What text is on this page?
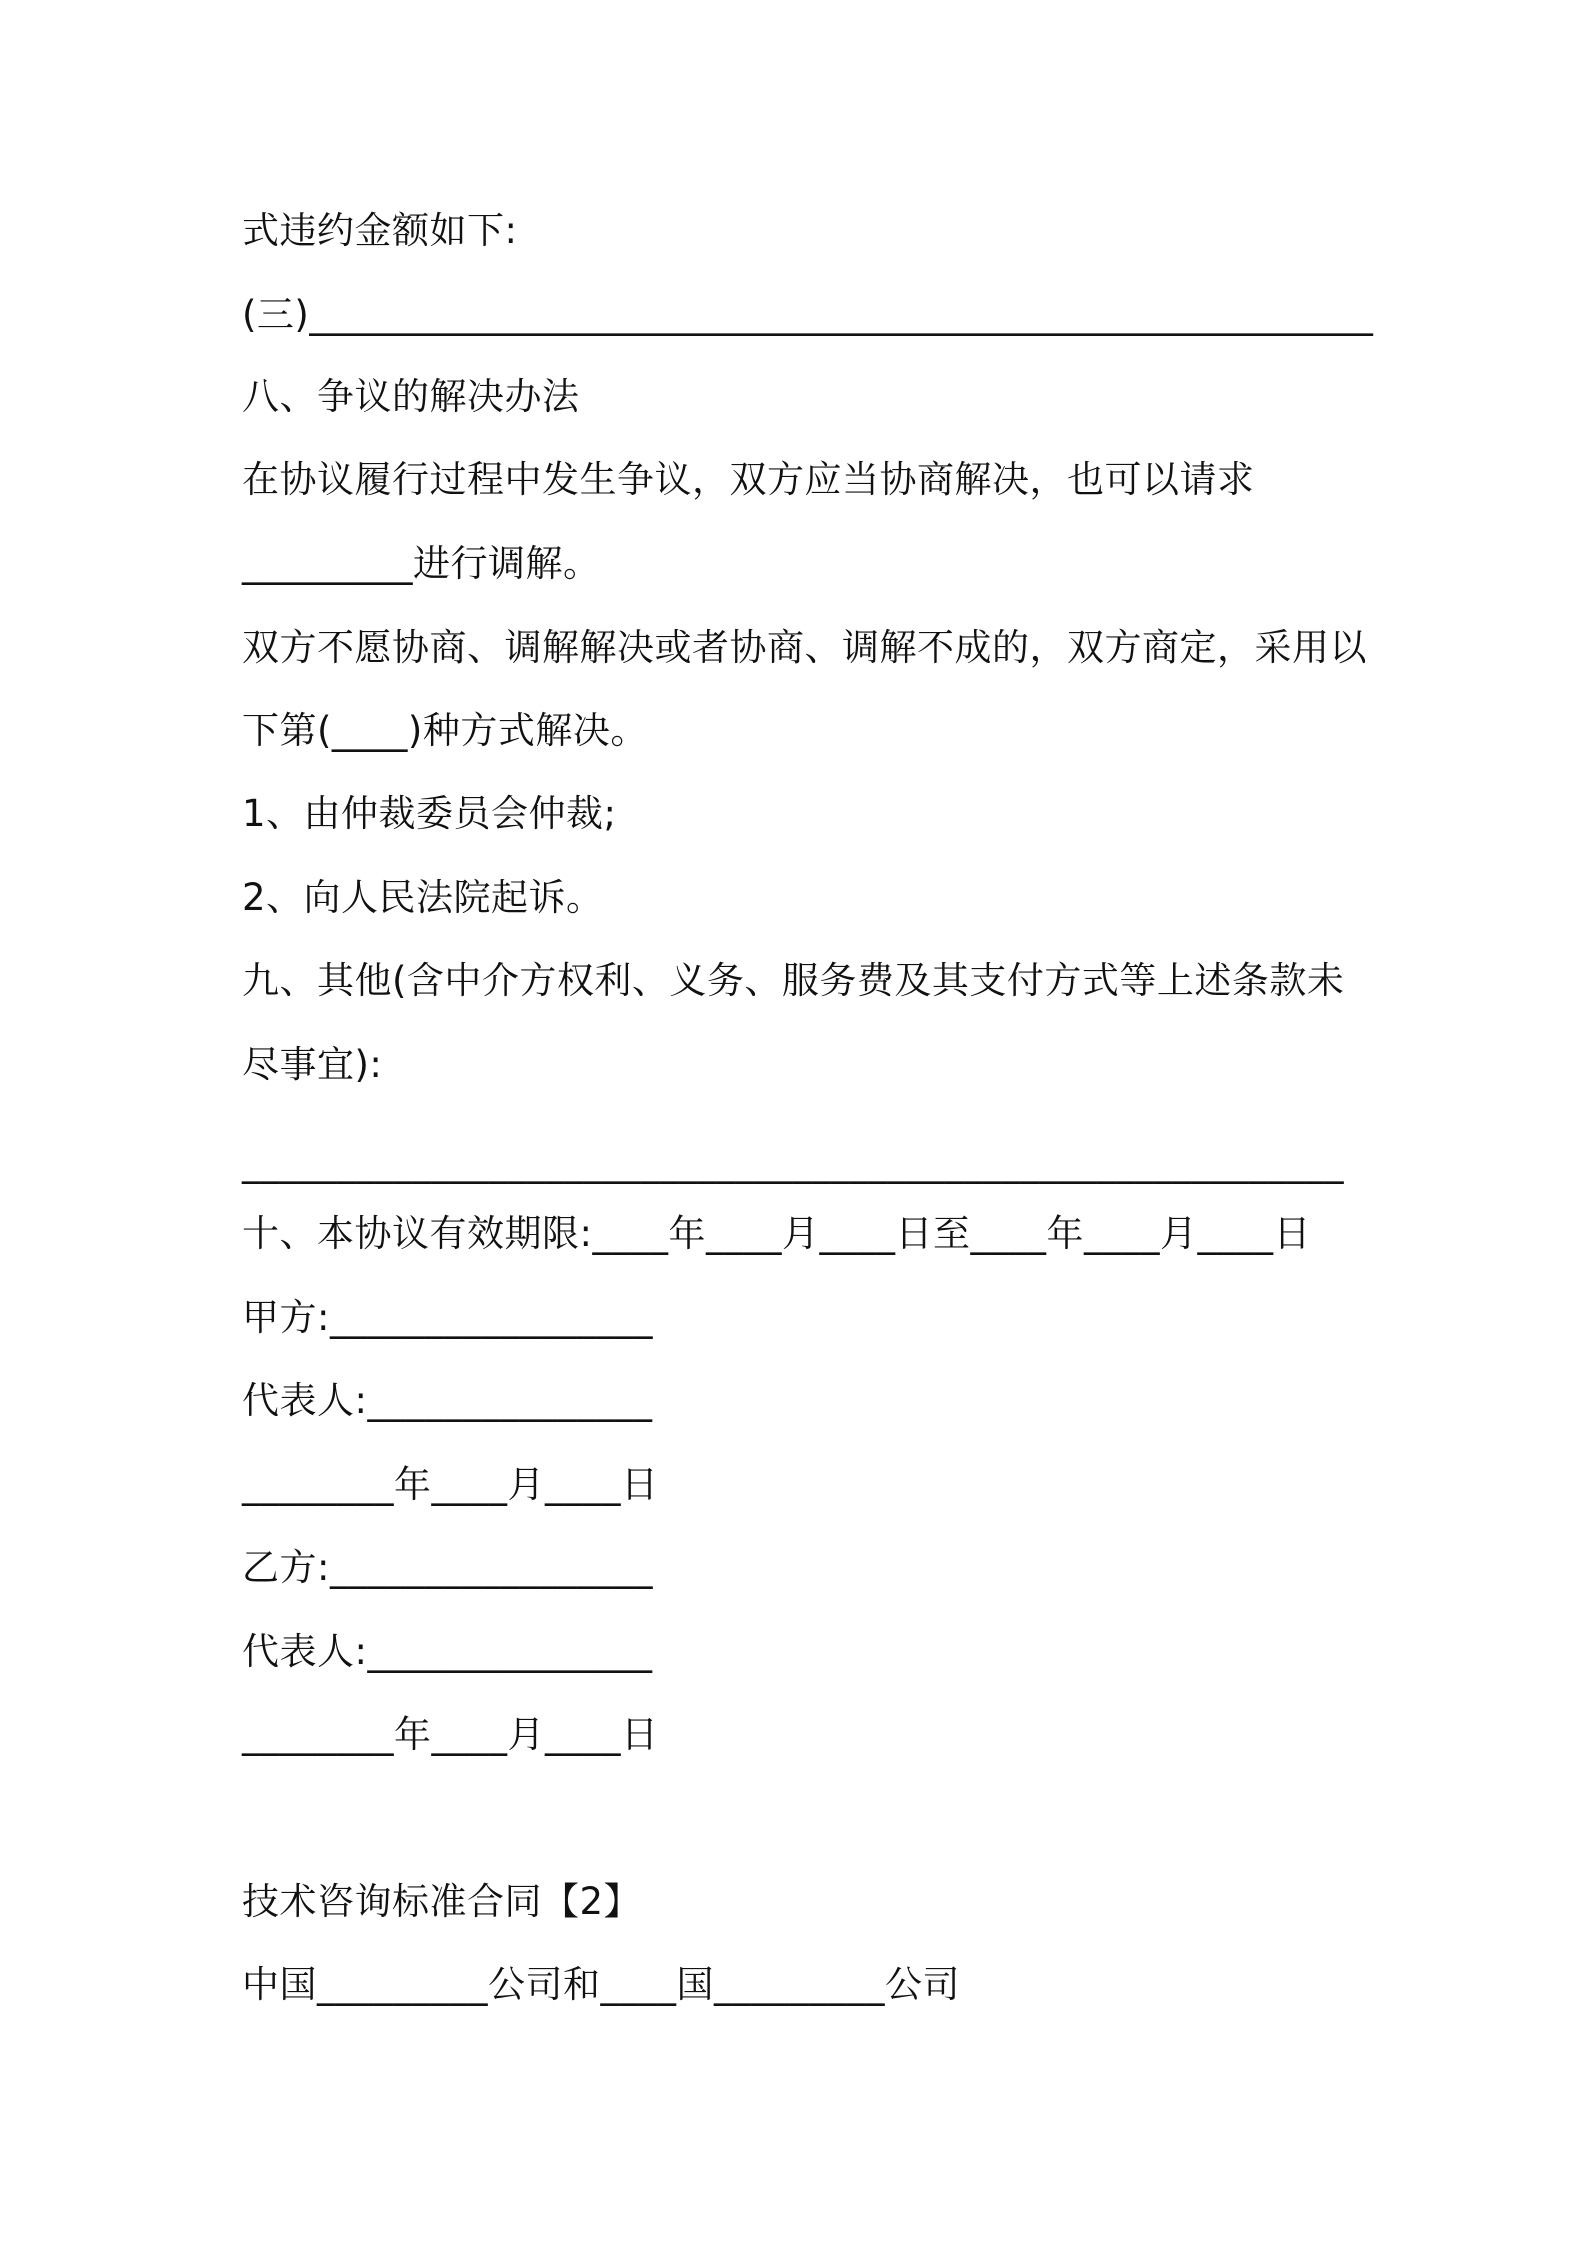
式违约金额如下:
(三)________________________________________________________
八、争议的解决办法
在协议履行过程中发生争议，双方应当协商解决，也可以请求
_________进行调解。
双方不愿协商、调解解决或者协商、调解不成的，双方商定，采用以
下第(____)种方式解决。
1、由仲裁委员会仲裁;
2、向人民法院起诉。
九、其他(含中介方权利、义务、服务费及其支付方式等上述条款未
尽事宜):
__________________________________________________________
十、本协议有效期限:____年____月____日至____年____月____日
甲方:_________________
代表人:_______________
________年____月____日
乙方:_________________
代表人:_______________
________年____月____日
技术咨询标准合同【2】
中国_________公司和____国_________公司
